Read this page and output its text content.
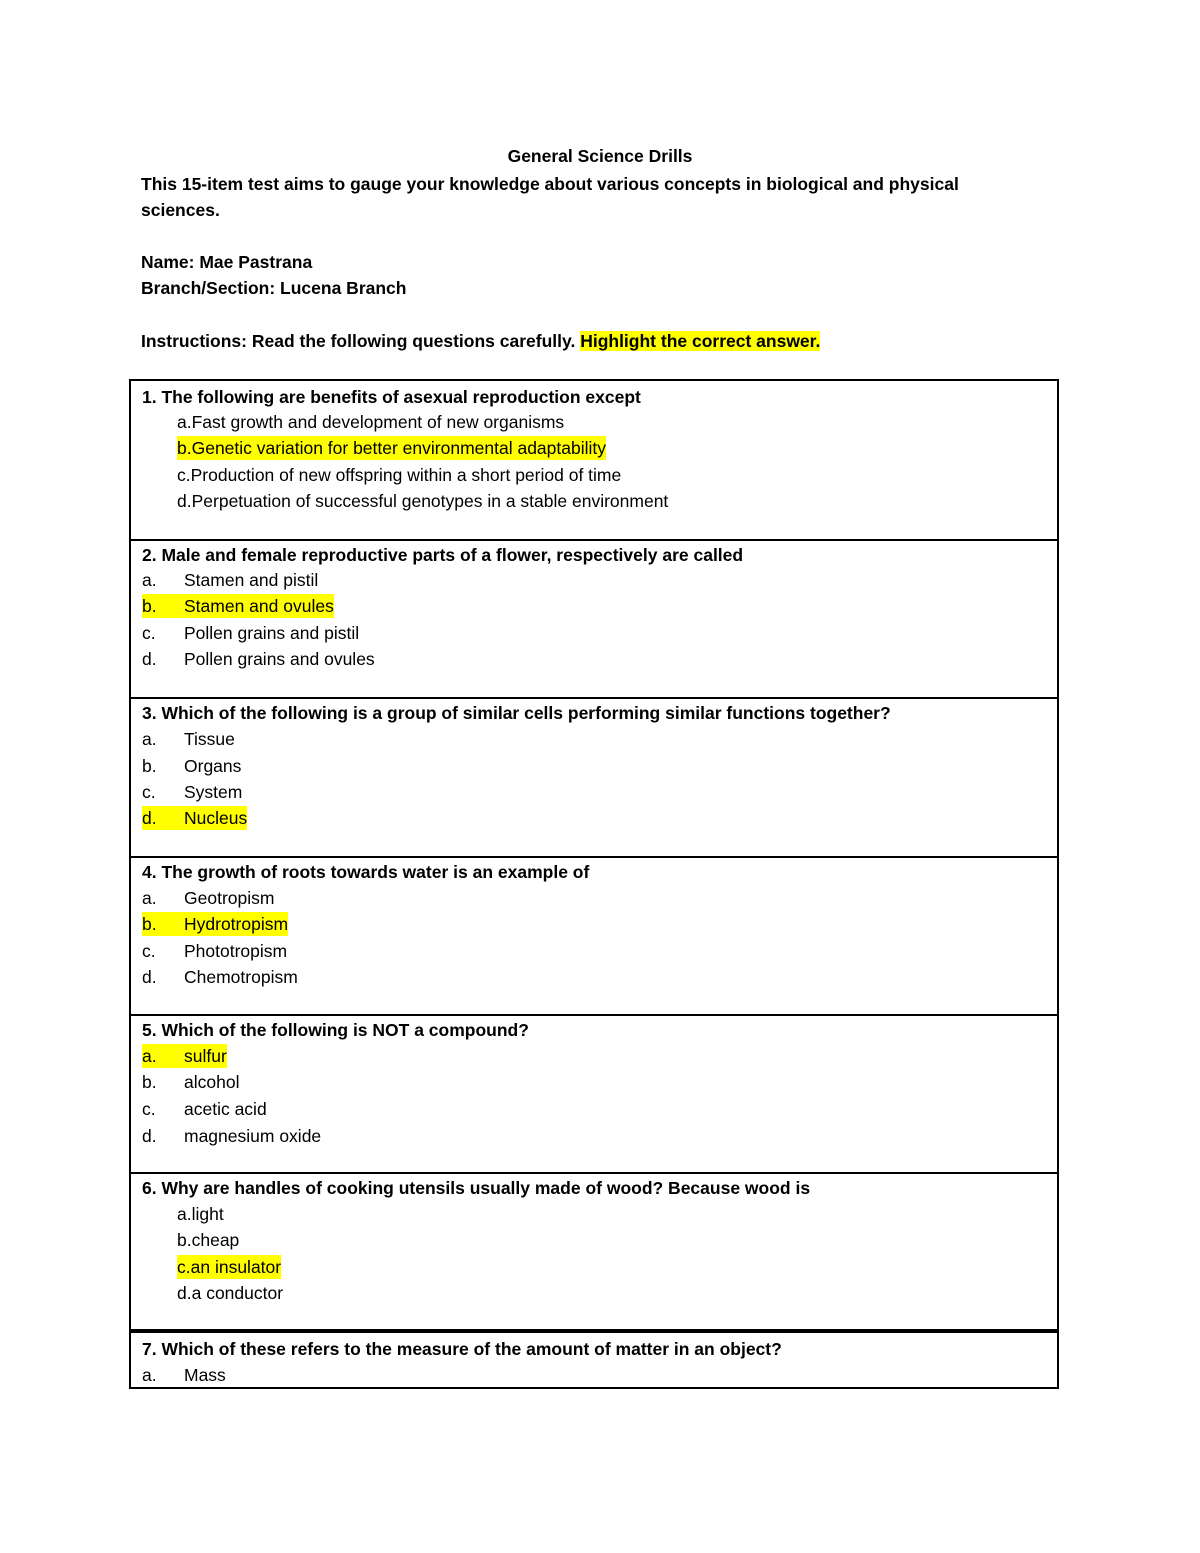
General Science Drills
This 15-item test aims to gauge your knowledge about various concepts in biological and physical sciences.
Name: Mae Pastrana
Branch/Section: Lucena Branch
Instructions: Read the following questions carefully. Highlight the correct answer.
1. The following are benefits of asexual reproduction except
a.Fast growth and development of new organisms
b.Genetic variation for better environmental adaptability
c.Production of new offspring within a short period of time
d.Perpetuation of successful genotypes in a stable environment
2. Male and female reproductive parts of a flower, respectively are called
a. Stamen and pistil
b. Stamen and ovules
c. Pollen grains and pistil
d. Pollen grains and ovules
3. Which of the following is a group of similar cells performing similar functions together?
a. Tissue
b. Organs
c. System
d. Nucleus
4. The growth of roots towards water is an example of
a. Geotropism
b. Hydrotropism
c. Phototropism
d. Chemotropism
5. Which of the following is NOT a compound?
a. sulfur
b. alcohol
c. acetic acid
d. magnesium oxide
6. Why are handles of cooking utensils usually made of wood? Because wood is
a.light
b.cheap
c.an insulator
d.a conductor
7. Which of these refers to the measure of the amount of matter in an object?
a. Mass
